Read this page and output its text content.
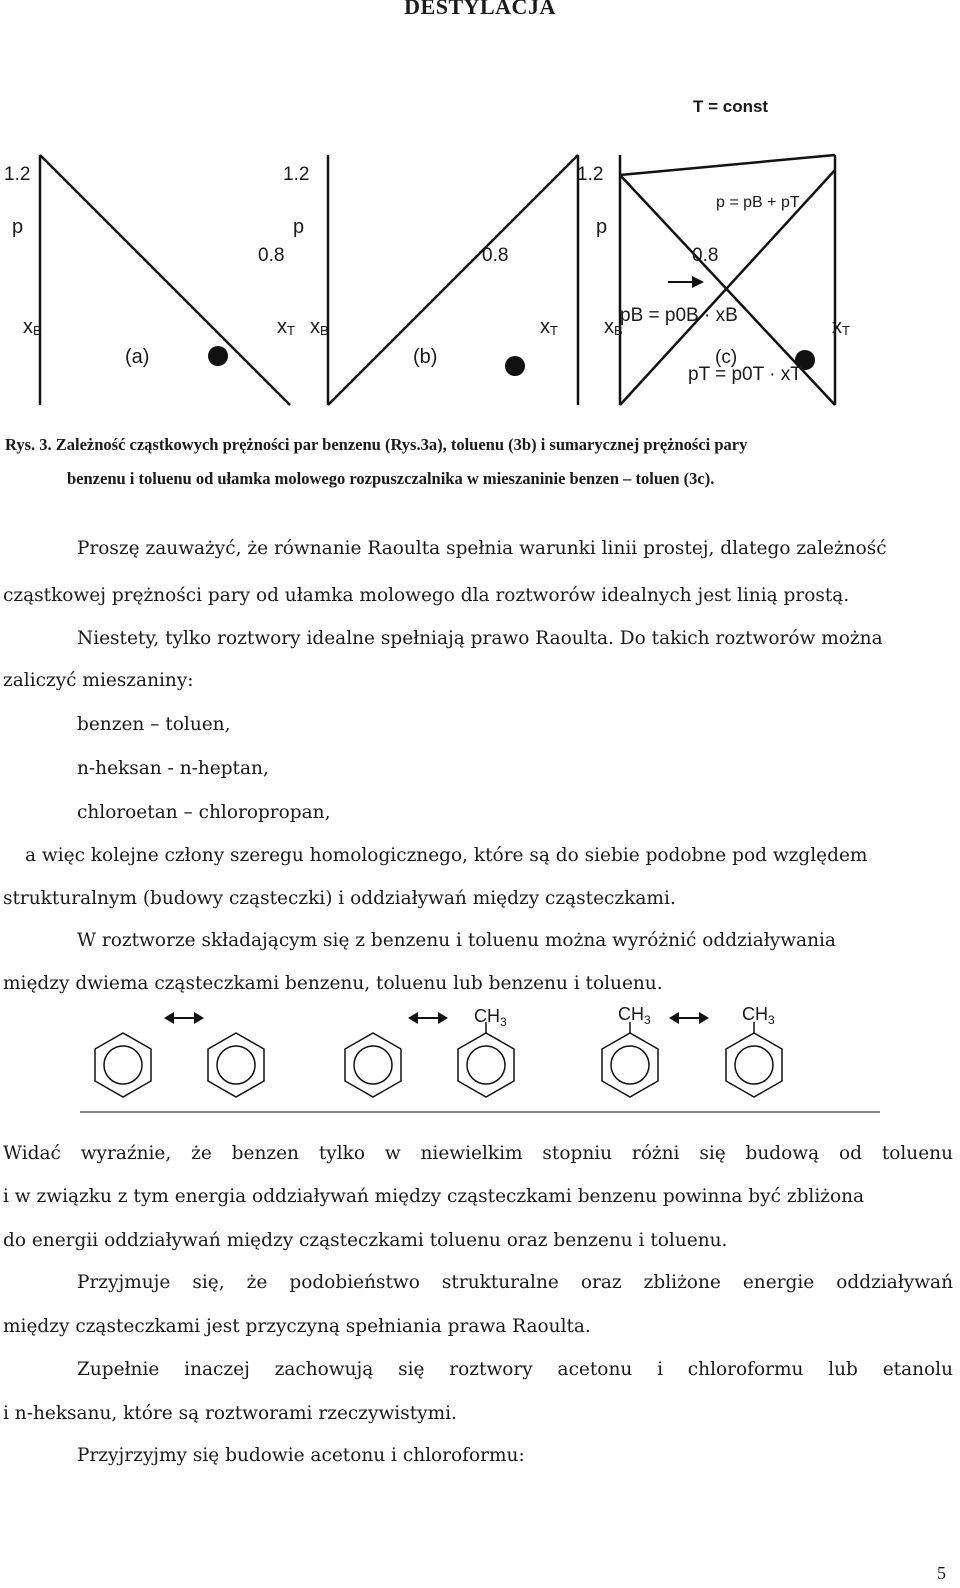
DESTYLACJA
T = const
1.2
p
0.8
xB	xT
(a)
1.2
p
0.8
xB	xT
(b)
1.2
p
0.8
xB	xT
(c)
p = pB + pT
pB = p0B · xB
pT = p0T · xT
Rys. 3. Zależność cząstkowych prężności par benzenu (Rys.3a), toluenu (3b) i sumarycznej prężności pary
benzenu i toluenu od ułamka molowego rozpuszczalnika w mieszaninie benzen – toluen (3c).
Proszę zauważyć, że równanie Raoulta spełnia warunki linii prostej, dlatego zależność
cząstkowej prężności pary od ułamka molowego dla roztworów idealnych jest linią prostą.
Niestety, tylko roztwory idealne spełniają prawo Raoulta. Do takich roztworów można
zaliczyć mieszaniny:
benzen – toluen,
n-heksan - n-heptan,
chloroetan – chloropropan,
a więc kolejne człony szeregu homologicznego, które są do siebie podobne pod względem
strukturalnym (budowy cząsteczki) i oddziaływań między cząsteczkami.
W roztworze składającym się z benzenu i toluenu można wyróżnić oddziaływania
między dwiema cząsteczkami benzenu, toluenu lub benzenu i toluenu.
$CH_3$	$CH_3$	$CH_3$
Widać wyraźnie, że benzen tylko w niewielkim stopniu różni się budową od toluenu
i w związku z tym energia oddziaływań między cząsteczkami benzenu powinna być zbliżona
do energii oddziaływań między cząsteczkami toluenu oraz benzenu i toluenu.
Przyjmuje się, że podobieństwo strukturalne oraz zbliżone energie oddziaływań
między cząsteczkami jest przyczyną spełniania prawa Raoulta.
Zupełnie inaczej zachowują się roztwory acetonu i chloroformu lub etanolu
i n-heksanu, które są roztworami rzeczywistymi.
Przyjrzyjmy się budowie acetonu i chloroformu:
5
